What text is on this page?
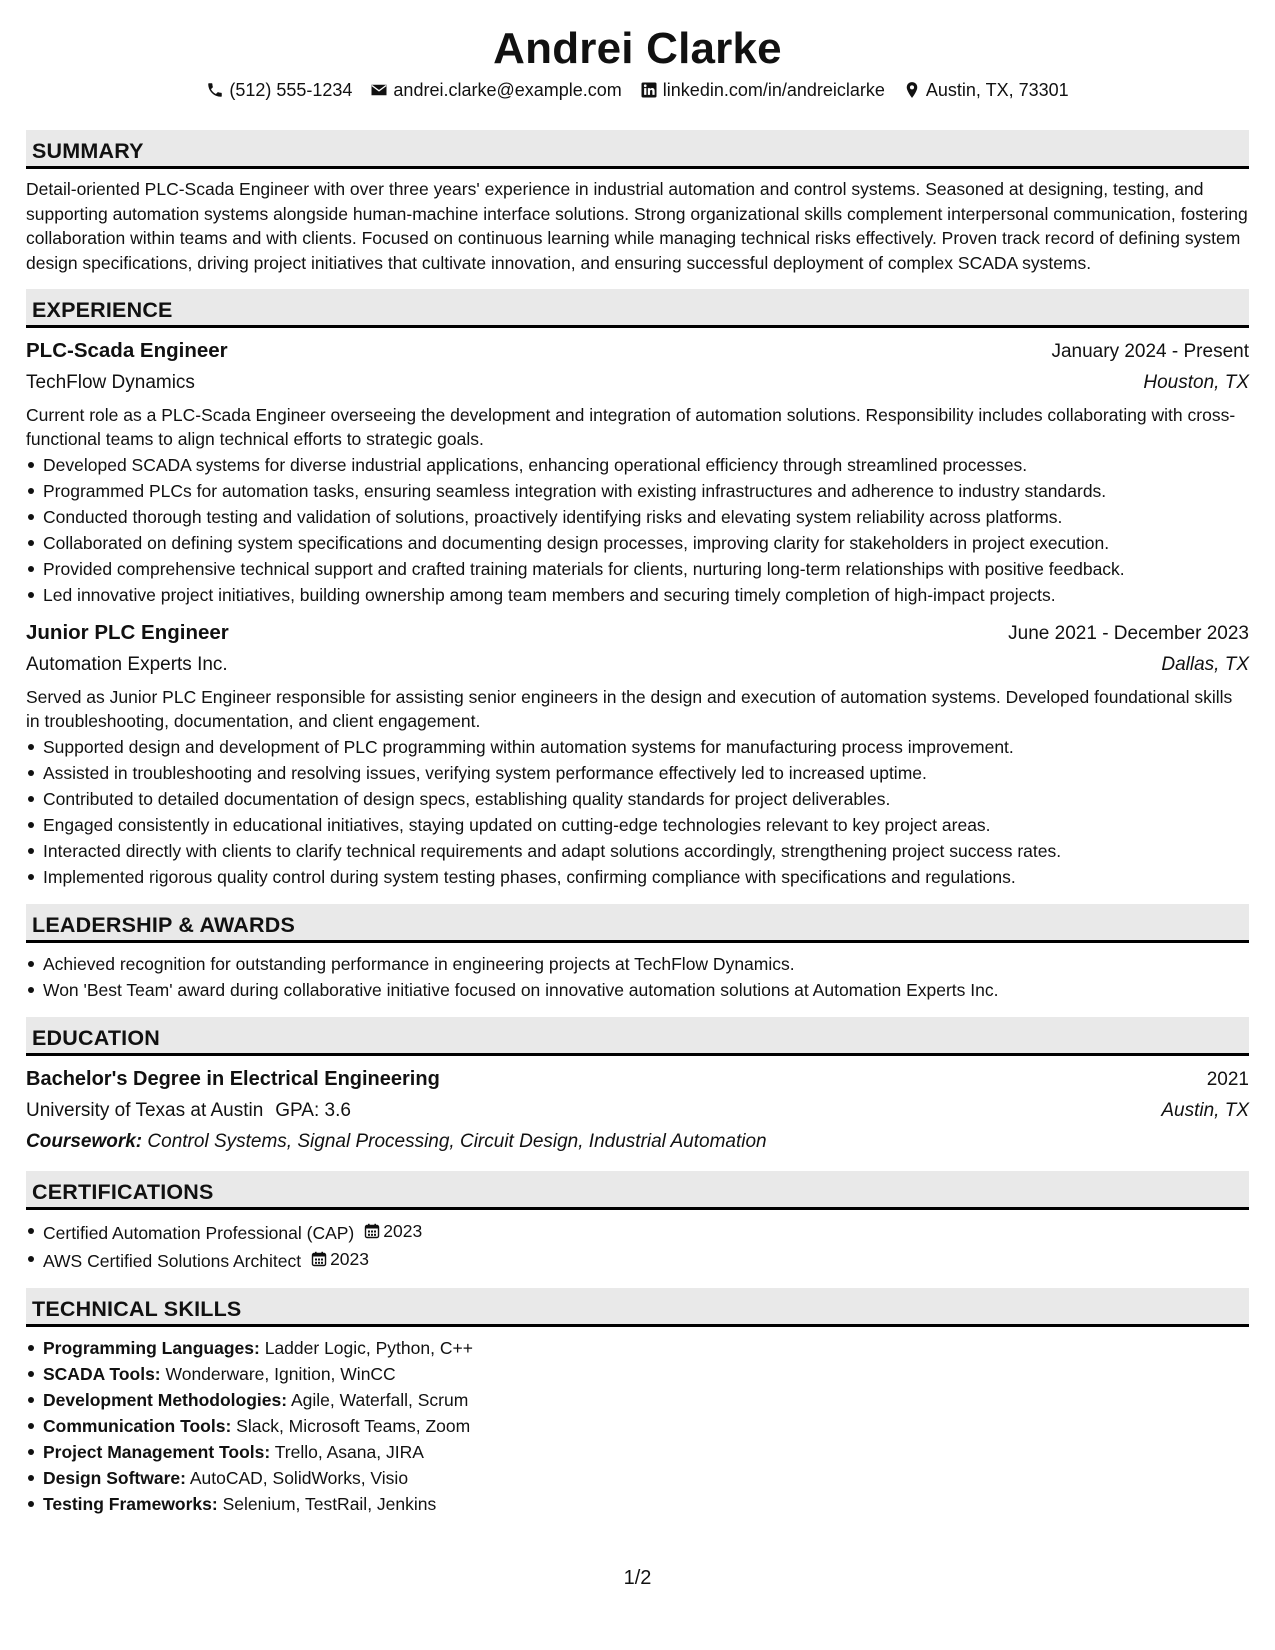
Andrei Clarke
(512) 555-1234 andrei.clarke@example.com linkedin.com/in/andreiclarke Austin, TX, 73301
SUMMARY

Detail-oriented PLC-Scada Engineer with over three years' experience in industrial automation and control systems. Seasoned at designing, testing, and supporting automation systems alongside human-machine interface solutions. Strong organizational skills complement interpersonal communication, fostering collaboration within teams and with clients. Focused on continuous learning while managing technical risks effectively. Proven track record of defining system design specifications, driving project initiatives that cultivate innovation, and ensuring successful deployment of complex SCADA systems.

EXPERIENCE
PLC-Scada Engineer	January 2024 - Present
TechFlow Dynamics	Houston, TX

Current role as a PLC-Scada Engineer overseeing the development and integration of automation solutions. Responsibility includes collaborating with cross-functional teams to align technical efforts to strategic goals.

Developed SCADA systems for diverse industrial applications, enhancing operational efficiency through streamlined processes.
Programmed PLCs for automation tasks, ensuring seamless integration with existing infrastructures and adherence to industry standards.
Conducted thorough testing and validation of solutions, proactively identifying risks and elevating system reliability across platforms.
Collaborated on defining system specifications and documenting design processes, improving clarity for stakeholders in project execution.
Provided comprehensive technical support and crafted training materials for clients, nurturing long-term relationships with positive feedback.
Led innovative project initiatives, building ownership among team members and securing timely completion of high-impact projects.
Junior PLC Engineer	June 2021 - December 2023
Automation Experts Inc.	Dallas, TX

Served as Junior PLC Engineer responsible for assisting senior engineers in the design and execution of automation systems. Developed foundational skills in troubleshooting, documentation, and client engagement.

Supported design and development of PLC programming within automation systems for manufacturing process improvement.
Assisted in troubleshooting and resolving issues, verifying system performance effectively led to increased uptime.
Contributed to detailed documentation of design specs, establishing quality standards for project deliverables.
Engaged consistently in educational initiatives, staying updated on cutting-edge technologies relevant to key project areas.
Interacted directly with clients to clarify technical requirements and adapt solutions accordingly, strengthening project success rates.
Implemented rigorous quality control during system testing phases, confirming compliance with specifications and regulations.
LEADERSHIP & AWARDS
Achieved recognition for outstanding performance in engineering projects at TechFlow Dynamics.
Won 'Best Team' award during collaborative initiative focused on innovative automation solutions at Automation Experts Inc.
EDUCATION
Bachelor's Degree in Electrical Engineering	2021
University of Texas at Austin GPA: 3.6	Austin, TX
Coursework: Control Systems, Signal Processing, Circuit Design, Industrial Automation
CERTIFICATIONS
Certified Automation Professional (CAP) 2023
AWS Certified Solutions Architect 2023
TECHNICAL SKILLS
Programming Languages: Ladder Logic, Python, C++
SCADA Tools: Wonderware, Ignition, WinCC
Development Methodologies: Agile, Waterfall, Scrum
Communication Tools: Slack, Microsoft Teams, Zoom
Project Management Tools: Trello, Asana, JIRA
Design Software: AutoCAD, SolidWorks, Visio
Testing Frameworks: Selenium, TestRail, Jenkins
1/2
